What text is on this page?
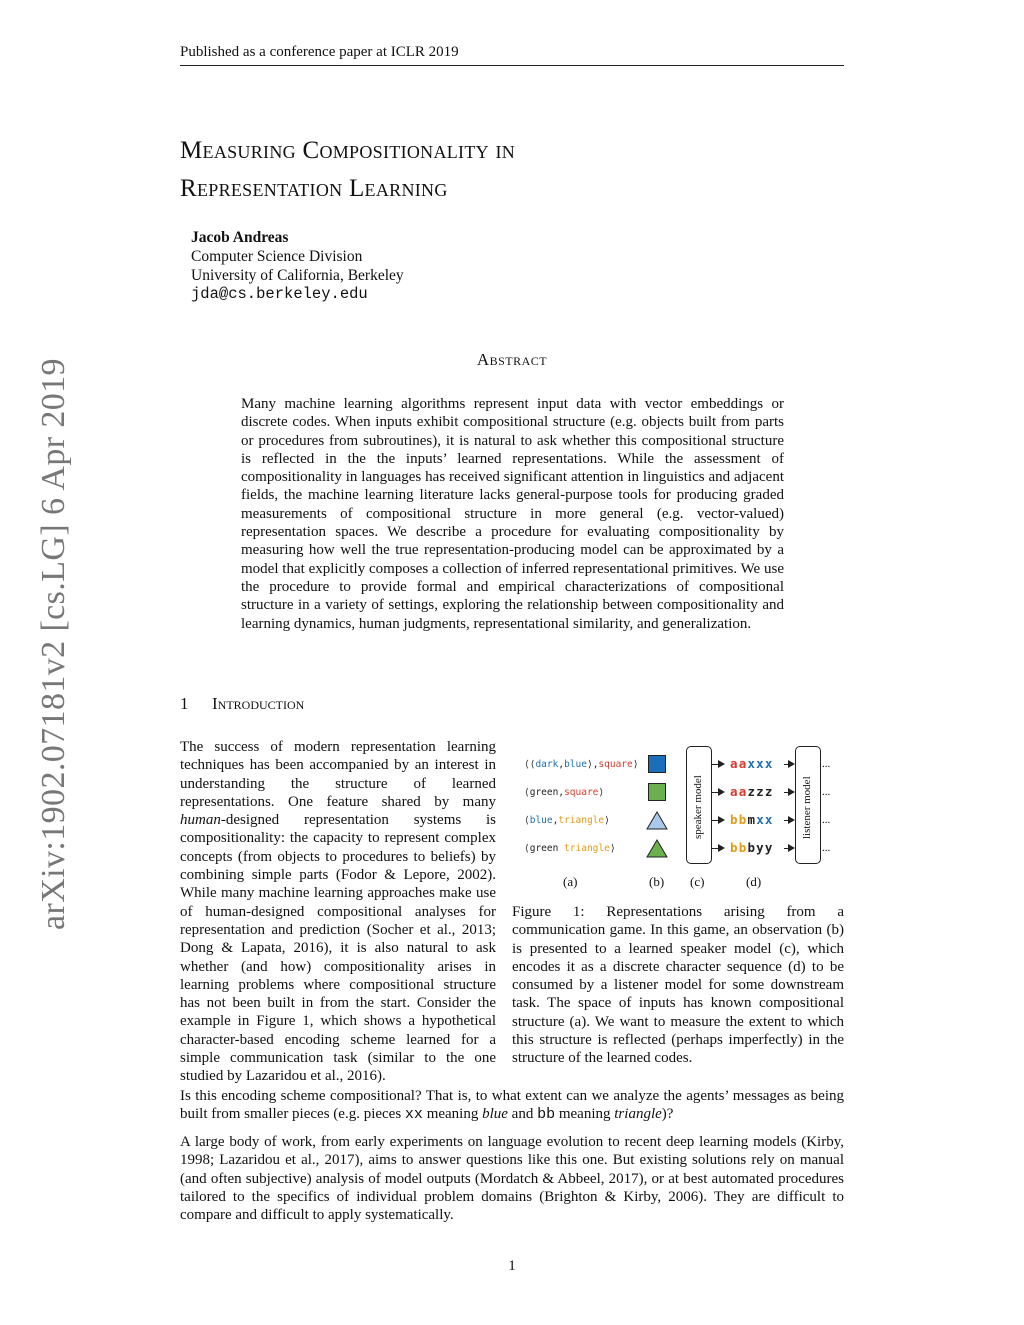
Published as a conference paper at ICLR 2019
Measuring Compositionality in
Representation Learning
Jacob Andreas
Computer Science Division
University of California, Berkeley
jda@cs.berkeley.edu
Abstract
Many machine learning algorithms represent input data with vector embeddings or discrete codes. When inputs exhibit compositional structure (e.g. objects built from parts or procedures from subroutines), it is natural to ask whether this compositional structure is reflected in the the inputs’ learned representations. While the assessment of compositionality in languages has received significant attention in linguistics and adjacent fields, the machine learning literature lacks general-purpose tools for producing graded measurements of compositional structure in more general (e.g. vector-valued) representation spaces. We describe a procedure for evaluating compositionality by measuring how well the true representation-producing model can be approximated by a model that explicitly composes a collection of inferred representational primitives. We use the procedure to provide formal and empirical characterizations of compositional structure in a variety of settings, exploring the relationship between compositionality and learning dynamics, human judgments, representational similarity, and generalization.
1 Introduction
The success of modern representation learning techniques has been accompanied by an interest in understanding the structure of learned representations. One feature shared by many human-designed representation systems is compositionality: the capacity to represent complex concepts (from objects to procedures to beliefs) by combining simple parts (Fodor & Lepore, 2002). While many machine learning approaches make use of human-designed compositional analyses for representation and prediction (Socher et al., 2013; Dong & Lapata, 2016), it is also natural to ask whether (and how) compositionality arises in learning problems where compositional structure has not been built in from the start. Consider the example in Figure 1, which shows a hypothetical character-based encoding scheme learned for a simple communication task (similar to the one studied by Lazaridou et al., 2016).
Is this encoding scheme compositional? That is, to what extent can we analyze the agents’ messages as being built from smaller pieces (e.g. pieces xx meaning blue and bb meaning triangle)?
A large body of work, from early experiments on language evolution to recent deep learning models (Kirby, 1998; Lazaridou et al., 2017), aims to answer questions like this one. But existing solutions rely on manual (and often subjective) analysis of model outputs (Mordatch & Abbeel, 2017), or at best automated procedures tailored to the specifics of individual problem domains (Brighton & Kirby, 2006). They are difficult to compare and difficult to apply systematically.
⟨⟨dark,blue⟩,square⟩
⟨green,square⟩
⟨blue,triangle⟩
⟨green triangle⟩
speaker model
aaxxx
aazzz
bbmxx
bbbyy
listener model
...
...
...
...
(a)	(b) (c)	(d)
Figure 1: Representations arising from a communication game. In this game, an observation (b) is presented to a learned speaker model (c), which encodes it as a discrete character sequence (d) to be consumed by a listener model for some downstream task. The space of inputs has known compositional structure (a). We want to measure the extent to which this structure is reflected (perhaps imperfectly) in the structure of the learned codes.
1
arXiv:1902.07181v2 [cs.LG] 6 Apr 2019
